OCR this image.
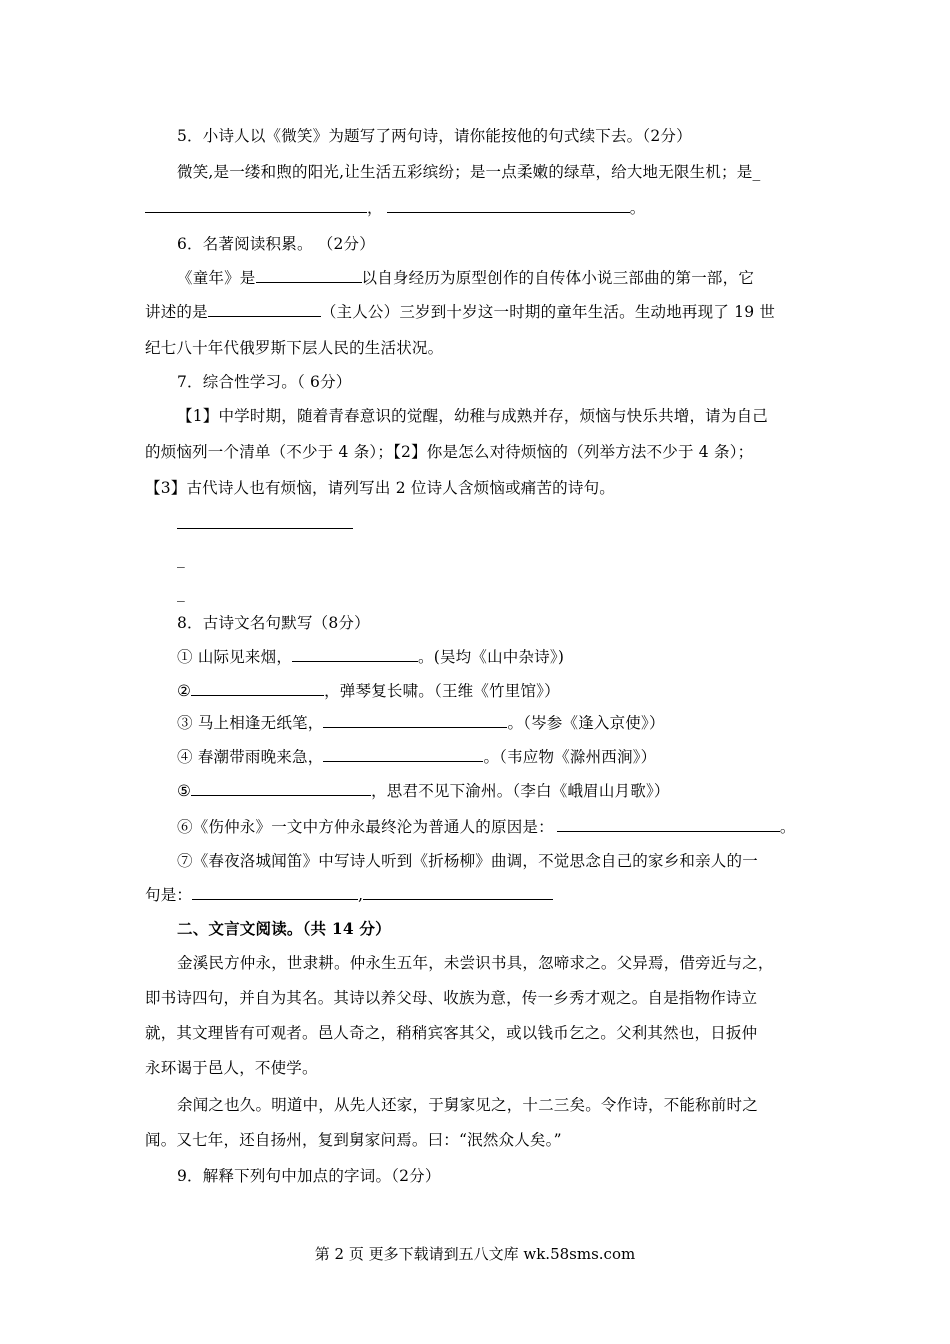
5．小诗人以《微笑》为题写了两句诗，请你能按他的句式续下去。（2分）
微笑,是一缕和煦的阳光,让生活五彩缤纷；是一点柔嫩的绿草，给大地无限生机；是_
，	。
6．名著阅读积累。 （2分）
《童年》是	以自身经历为原型创作的自传体小说三部曲的第一部，它
讲述的是	（主人公）三岁到十岁这一时期的童年生活。生动地再现了 19 世
纪七八十年代俄罗斯下层人民的生活状况。
7．综合性学习。（ 6分）
【1】中学时期，随着青春意识的觉醒，幼稚与成熟并存，烦恼与快乐共增，请为自己
的烦恼列一个清单（不少于 4 条）；【2】你是怎么对待烦恼的（列举方法不少于 4 条）；
【3】古代诗人也有烦恼，请列写出 2 位诗人含烦恼或痛苦的诗句。
_
_
8．古诗文名句默写（8分）
① 山际见来烟，	。(吴均《山中杂诗》)
②	，弹琴复长啸。（王维《竹里馆》）
③ 马上相逢无纸笔，	。（岑参《逢入京使》）
④ 春潮带雨晚来急，	。（韦应物《滁州西涧》）
⑤	，思君不见下渝州。（李白《峨眉山月歌》）
⑥《伤仲永》一文中方仲永最终沦为普通人的原因是：	。
⑦《春夜洛城闻笛》中写诗人听到《折杨柳》曲调，不觉思念自己的家乡和亲人的一
句是：	,
二、文言文阅读。（共 14 分）
金溪民方仲永，世隶耕。仲永生五年，未尝识书具，忽啼求之。父异焉，借旁近与之，
即书诗四句，并自为其名。其诗以养父母、收族为意，传一乡秀才观之。自是指物作诗立
就，其文理皆有可观者。邑人奇之，稍稍宾客其父，或以钱币乞之。父利其然也，日扳仲
永环谒于邑人，不使学。
余闻之也久。明道中，从先人还家，于舅家见之，十二三矣。令作诗，不能称前时之
闻。又七年，还自扬州，复到舅家问焉。曰：“泯然众人矣。”
9．解释下列句中加点的字词。（2分）
第 2 页 更多下载请到五八文库 wk.58sms.com
